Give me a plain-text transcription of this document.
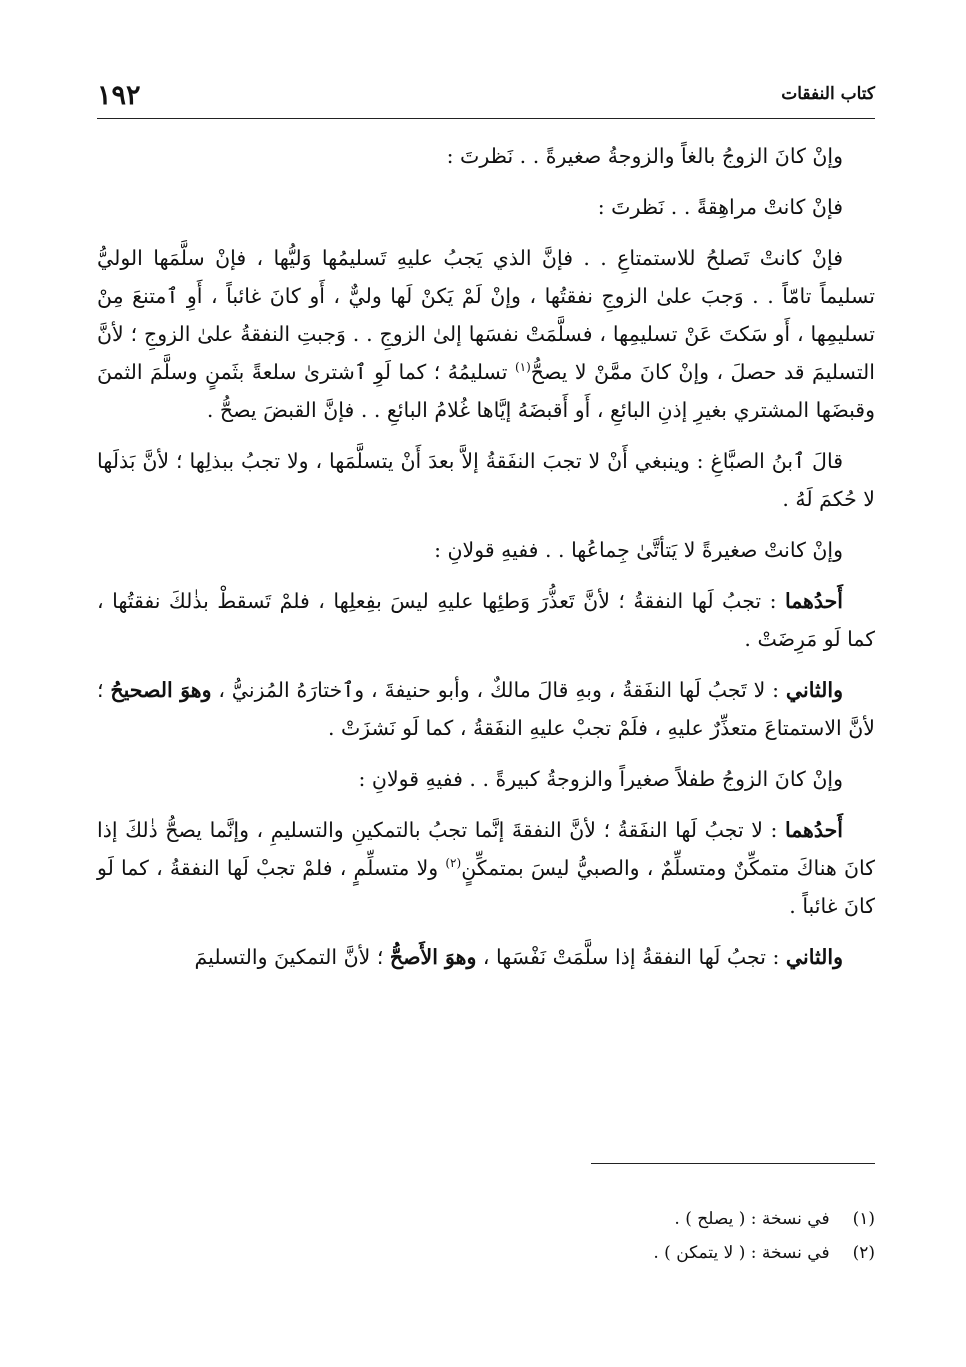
١٩٢	كتاب النفقات

وإنْ كانَ الزوجُ بالغاً والزوجةُ صغيرةً . . نَظرتَ :

فإنْ كانتْ مراهِقةً . . نَظرتَ :

فإنْ كانتْ تَصلحُ للاستمتاعِ . . فإنَّ الذي يَجبُ عليهِ تَسليمُها وَليُّها ، فإنْ سلَّمَها الوليُّ تسليماً تامّاً . . وَجبَ علىٰ الزوجِ نفقتُها ، وإنْ لَمْ يَكنْ لَها وليٌّ ، أَو كانَ غائباً ، أَوِ ٱمتنعَ مِنْ تسليمِها ، أَو سَكتَ عَنْ تسليمِها ، فسلَّمَتْ نفسَها إلىٰ الزوجِ . . وَجبتِ النفقةُ علىٰ الزوجِ ؛ لأنَّ التسليمَ قد حصلَ ، وإنْ كانَ ممَّنْ لا يصحُّ$^{(١)}$ تسليمُهُ ؛ كما لَوِ ٱشترىٰ سلعةً بثَمنٍ وسلَّمَ الثمنَ وقبضَها المشتري بغيرِ إذنِ البائعِ ، أَو أَقبضَهُ إيَّاها غُلامُ البائعِ . . فإنَّ القبضَ يصحُّ .

قالَ ٱبنُ الصبَّاغِ : وينبغي أَنْ لا تجبَ النفَقةُ إلاَّ بعدَ أَنْ يتسلَّمَها ، ولا تجبُ ببذلِها ؛ لأنَّ بَذلَها لا حُكمَ لَهُ .

وإنْ كانتْ صغيرةً لا يَتأتَّىٰ جِماعُها . . ففيهِ قولانِ :

أَحدُهما : تجبُ لَها النفقةُ ؛ لأنَّ تَعذُّرَ وَطئِها عليهِ ليسَ بفِعلِها ، فلمْ تَسقطْ بذٰلكَ نفقتُها ، كما لَو مَرِضَتْ .

والثاني : لا تَجبُ لَها النفَقةُ ، وبهِ قالَ مالكٌ ، وأبو حنيفةَ ، وٱختارَهُ المُزنيُّ ، وهوَ الصحيحُ ؛ لأنَّ الاستمتاعَ متعذِّرٌ عليهِ ، فلَمْ تجبْ عليهِ النفَقةُ ، كما لَو نَشزَتْ .

وإنْ كانَ الزوجُ طفلاً صغيراً والزوجةُ كبيرةً . . ففيهِ قولانِ :

أَحدُهما : لا تجبُ لَها النفَقةُ ؛ لأنَّ النفقةَ إنَّما تجبُ بالتمكينِ والتسليمِ ، وإنَّما يصحُّ ذٰلكَ إذا كانَ هناكَ متمكِّنٌ ومتسلِّمٌ ، والصبيُّ ليسَ بمتمكِّنٍ$^{(٢)}$ ولا متسلِّمٍ ، فلمْ تجبْ لَها النفقةُ ، كما لَو كانَ غائباً .

والثاني : تجبُ لَها النفقةُ إذا سلَّمَتْ نَفْسَها ، وهوَ الأَصحُّ ؛ لأنَّ التمكينَ والتسليمَ

(١) في نسخة : ( يصلح ) .
(٢) في نسخة : ( لا يتمكن ) .
